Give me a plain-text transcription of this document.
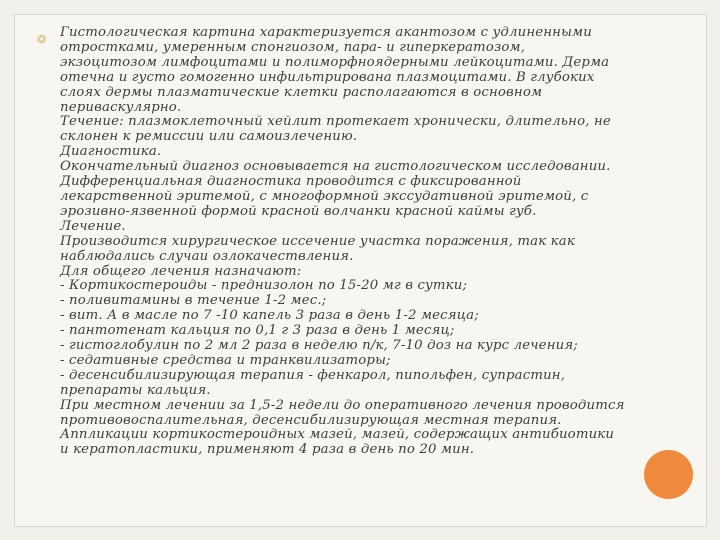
❂ Гистологическая картина характеризуется акантозом с удлиненными
отростками, умеренным спонгиозом, пара- и гиперкератозом,
экзоцитозом лимфоцитами и полиморфноядерными лейкоцитами. Дерма
отечна и густо гомогенно инфильтрирована плазмоцитами. В глубоких
слоях дермы плазматические клетки располагаются в основном
периваскулярно.
Течение: плазмоклеточный хейлит протекает хронически, длительно, не
склонен к ремиссии или самоизлечению.
Диагностика.
Окончательный диагноз основывается на гистологическом исследовании.
Дифференциальная диагностика проводится с фиксированной
лекарственной эритемой, с многоформной экссудативной эритемой, с
эрозивно-язвенной формой красной волчанки красной каймы губ.
Лечение.
Производится хирургическое иссечение участка поражения, так как
наблюдались случаи озлокачествления.
Для общего лечения назначают:
- Кортикостероиды - преднизолон по 15-20 мг в сутки;
- поливитамины в течение 1-2 мес.;
- вит. А в масле по 7 -10 капель 3 раза в день 1-2 месяца;
- пантотенат кальция по 0,1 г 3 раза в день 1 месяц;
- гистоглобулин по 2 мл 2 раза в неделю п/к, 7-10 доз на курс лечения;
- седативные средства и транквилизаторы;
- десенсибилизирующая терапия - фенкарол, пипольфен, супрастин,
препараты кальция.
При местном лечении за 1,5-2 недели до оперативного лечения проводится
противовоспалительная, десенсибилизирующая местная терапия.
Аппликации кортикостероидных мазей, мазей, содержащих антибиотики
и кератопластики, применяют 4 раза в день по 20 мин.
